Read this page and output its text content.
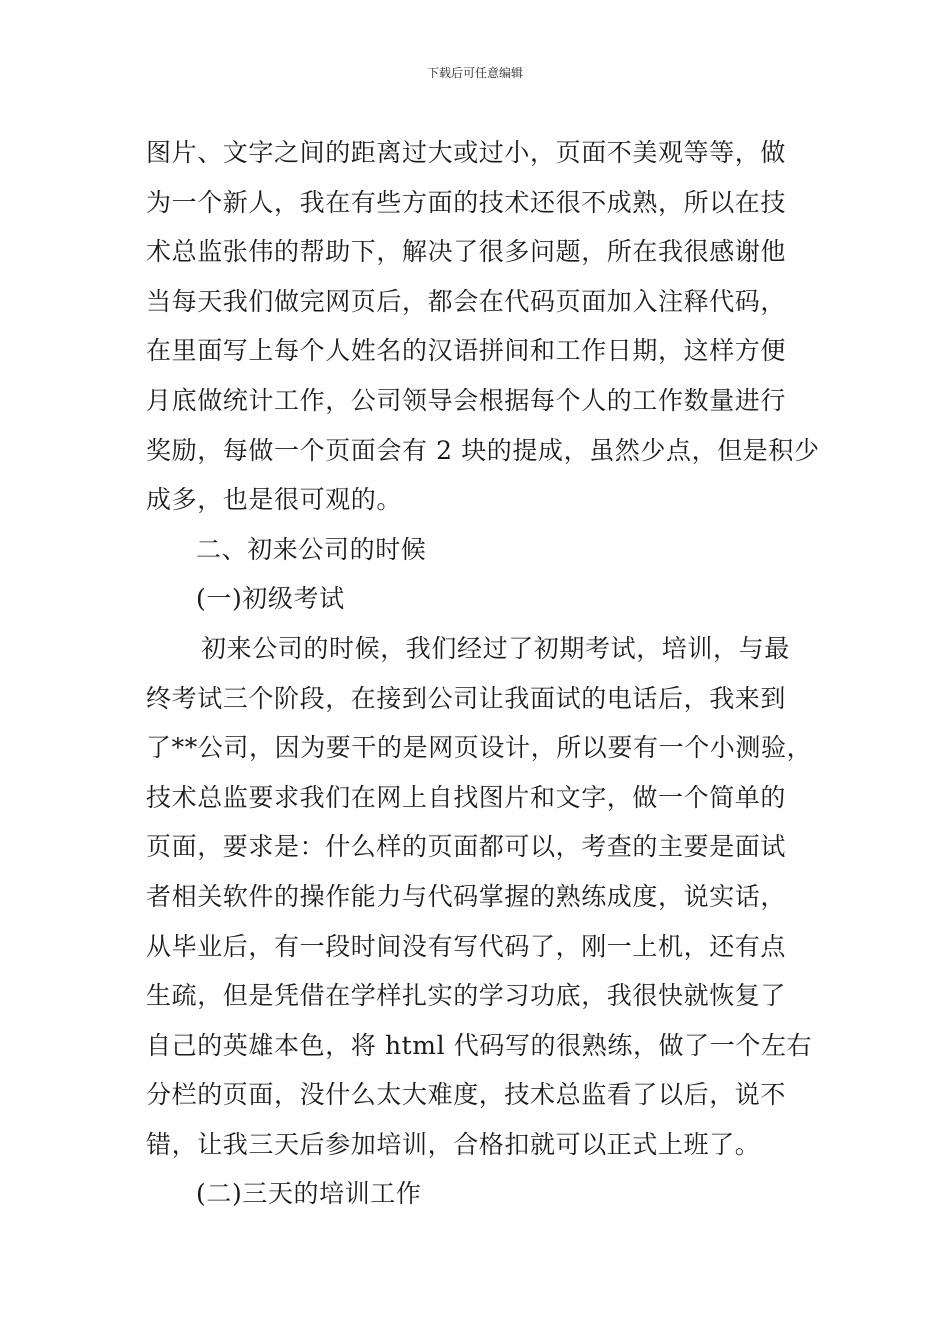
下载后可任意编辑
图片、文字之间的距离过大或过小，页面不美观等等，做
为一个新人，我在有些方面的技术还很不成熟，所以在技
术总监张伟的帮助下，解决了很多问题，所在我很感谢他
当每天我们做完网页后，都会在代码页面加入注释代码，
在里面写上每个人姓名的汉语拼间和工作日期，这样方便
月底做统计工作，公司领导会根据每个人的工作数量进行
奖励，每做一个页面会有 2 块的提成，虽然少点，但是积少
成多，也是很可观的。
二、初来公司的时候
(一)初级考试
初来公司的时候，我们经过了初期考试，培训，与最
终考试三个阶段，在接到公司让我面试的电话后，我来到
了**公司，因为要干的是网页设计，所以要有一个小测验，
技术总监要求我们在网上自找图片和文字，做一个简单的
页面，要求是：什么样的页面都可以，考查的主要是面试
者相关软件的操作能力与代码掌握的熟练成度，说实话，
从毕业后，有一段时间没有写代码了，刚一上机，还有点
生疏，但是凭借在学样扎实的学习功底，我很快就恢复了
自己的英雄本色，将 html 代码写的很熟练，做了一个左右
分栏的页面，没什么太大难度，技术总监看了以后，说不
错，让我三天后参加培训，合格扣就可以正式上班了。
(二)三天的培训工作
